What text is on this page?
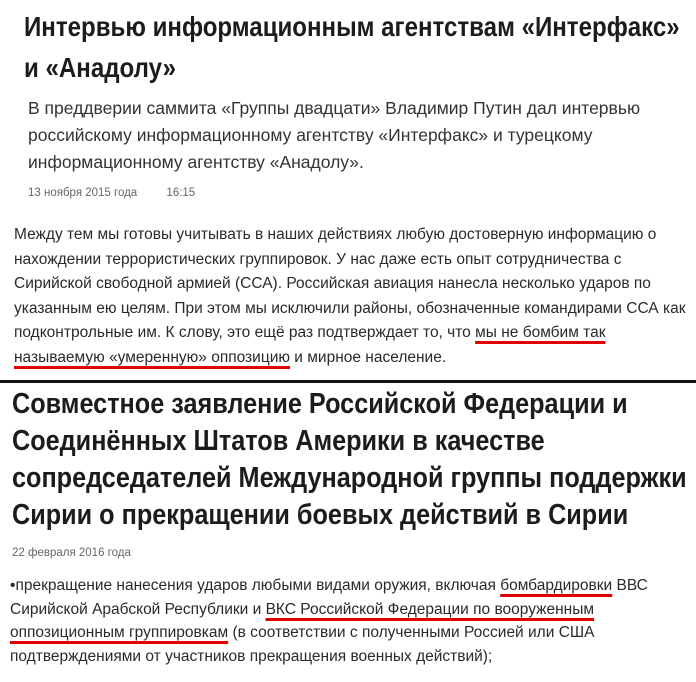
Интервью информационным агентствам «Интерфакс» и «Анадолу»
В преддверии саммита «Группы двадцати» Владимир Путин дал интервью российскому информационному агентству «Интерфакс» и турецкому информационному агентству «Анадолу».
13 ноября 2015 года	16:15
Между тем мы готовы учитывать в наших действиях любую достоверную информацию о нахождении террористических группировок. У нас даже есть опыт сотрудничества с Сирийской свободной армией (ССА). Российская авиация нанесла несколько ударов по указанным ею целям. При этом мы исключили районы, обозначенные командирами ССА как подконтрольные им. К слову, это ещё раз подтверждает то, что мы не бомбим так называемую «умеренную» оппозицию и мирное население.
Совместное заявление Российской Федерации и Соединённых Штатов Америки в качестве сопредседателей Международной группы поддержки Сирии о прекращении боевых действий в Сирии
22 февраля 2016 года
•прекращение нанесения ударов любыми видами оружия, включая бомбардировки ВВС Сирийской Арабской Республики и ВКС Российской Федерации по вооруженным оппозиционным группировкам (в соответствии с полученными Россией или США подтверждениями от участников прекращения военных действий);
